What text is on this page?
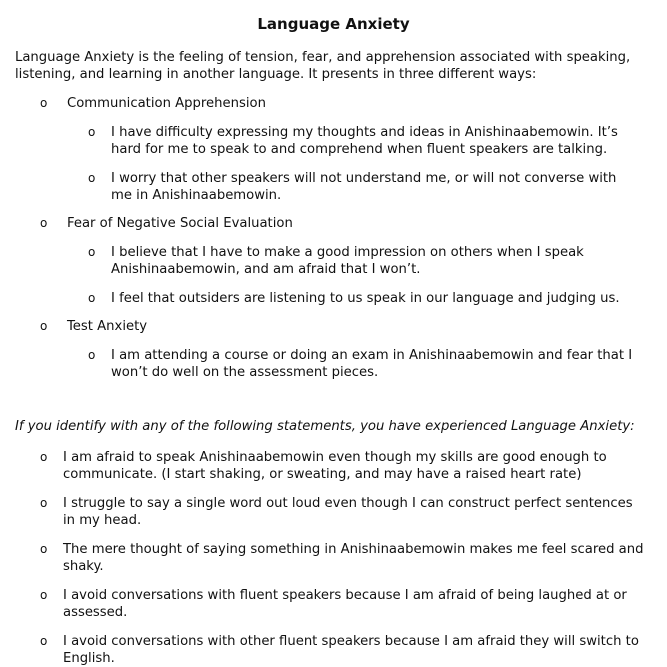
Language Anxiety
Language Anxiety is the feeling of tension, fear, and apprehension associated with speaking, listening, and learning in another language. It presents in three different ways:
o Communication Apprehension
o I have difficulty expressing my thoughts and ideas in Anishinaabemowin. It’s hard for me to speak to and comprehend when fluent speakers are talking.
o I worry that other speakers will not understand me, or will not converse with me in Anishinaabemowin.
o Fear of Negative Social Evaluation
o I believe that I have to make a good impression on others when I speak Anishinaabemowin, and am afraid that I won’t.
o I feel that outsiders are listening to us speak in our language and judging us.
o Test Anxiety
o I am attending a course or doing an exam in Anishinaabemowin and fear that I won’t do well on the assessment pieces.
If you identify with any of the following statements, you have experienced Language Anxiety:
o I am afraid to speak Anishinaabemowin even though my skills are good enough to communicate. (I start shaking, or sweating, and may have a raised heart rate)
o I struggle to say a single word out loud even though I can construct perfect sentences in my head.
o The mere thought of saying something in Anishinaabemowin makes me feel scared and shaky.
o I avoid conversations with fluent speakers because I am afraid of being laughed at or assessed.
o I avoid conversations with other fluent speakers because I am afraid they will switch to English.
